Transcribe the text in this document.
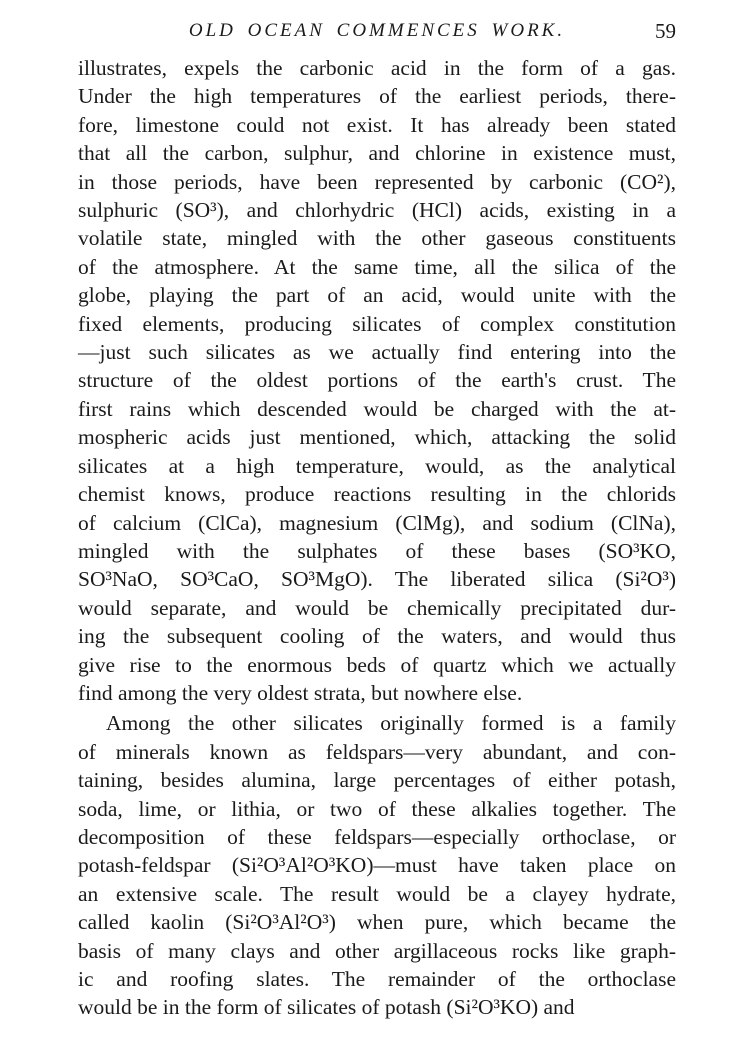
OLD OCEAN COMMENCES WORK.	59

illustrates, expels the carbonic acid in the form of a gas.
Under the high temperatures of the earliest periods, there-
fore, limestone could not exist. It has already been stated
that all the carbon, sulphur, and chlorine in existence must,
in those periods, have been represented by carbonic (CO²),
sulphuric (SO³), and chlorhydric (HCl) acids, existing in a
volatile state, mingled with the other gaseous constituents
of the atmosphere. At the same time, all the silica of the
globe, playing the part of an acid, would unite with the
fixed elements, producing silicates of complex constitution
—just such silicates as we actually find entering into the
structure of the oldest portions of the earth's crust. The
first rains which descended would be charged with the at-
mospheric acids just mentioned, which, attacking the solid
silicates at a high temperature, would, as the analytical
chemist knows, produce reactions resulting in the chlorids
of calcium (ClCa), magnesium (ClMg), and sodium (ClNa),
mingled with the sulphates of these bases (SO³KO,
SO³NaO, SO³CaO, SO³MgO). The liberated silica (Si²O³)
would separate, and would be chemically precipitated dur-
ing the subsequent cooling of the waters, and would thus
give rise to the enormous beds of quartz which we actually
find among the very oldest strata, but nowhere else.

Among the other silicates originally formed is a family
of minerals known as feldspars—very abundant, and con-
taining, besides alumina, large percentages of either potash,
soda, lime, or lithia, or two of these alkalies together. The
decomposition of these feldspars—especially orthoclase, or
potash-feldspar (Si²O³Al²O³KO)—must have taken place on
an extensive scale. The result would be a clayey hydrate,
called kaolin (Si²O³Al²O³) when pure, which became the
basis of many clays and other argillaceous rocks like graph-
ic and roofing slates. The remainder of the orthoclase
would be in the form of silicates of potash (Si²O³KO) and
